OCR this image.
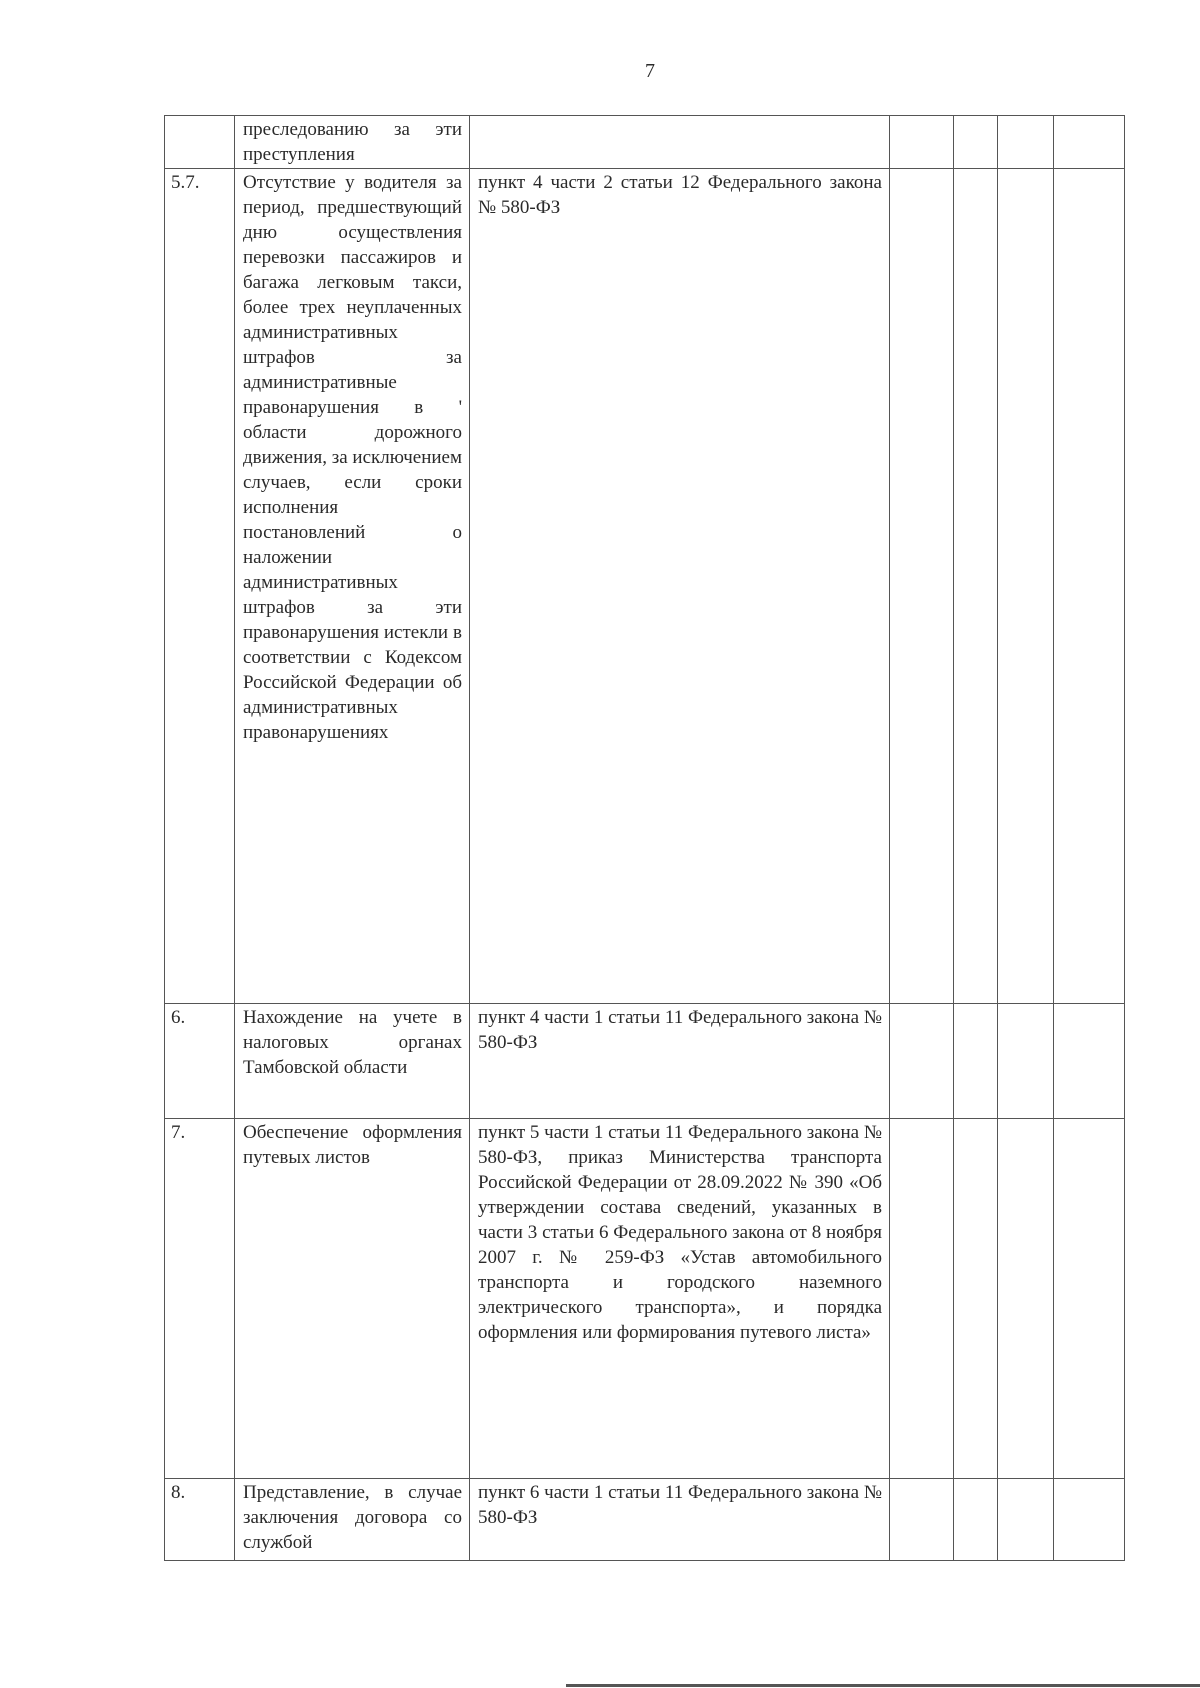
7
	преследованию за эти преступления					
5.7.	Отсутствие у водителя за период, предшествующий дню осуществления перевозки пассажиров и багажа легковым такси, более трех неуплаченных административных штрафов за административные правонарушения в ' области дорожного движения, за исключением случаев, если сроки исполнения постановлений о наложении административных штрафов за эти правонарушения истекли в соответствии с Кодексом Российской Федерации об административных правонарушениях	пункт 4 части 2 статьи 12 Федерального закона № 580-ФЗ				
6.	Нахождение на учете в налоговых органах Тамбовской области	пункт 4 части 1 статьи 11 Федерального закона № 580-ФЗ				
7.	Обеспечение оформления путевых листов	пункт 5 части 1 статьи 11 Федерального закона № 580-ФЗ, приказ Министерства транспорта Российской Федерации от 28.09.2022 № 390 «Об утверждении состава сведений, указанных в части 3 статьи 6 Федерального закона от 8 ноября 2007 г. № 259-ФЗ «Устав автомобильного транспорта и городского наземного электрического транспорта», и порядка оформления или формирования путевого листа»				
8.	Представление, в случае заключения договора со службой	пункт 6 части 1 статьи 11 Федерального закона № 580-ФЗ				
